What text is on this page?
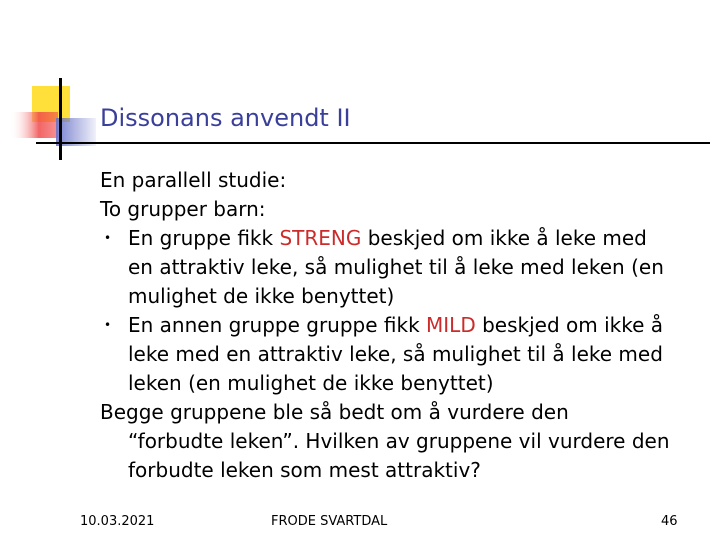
Dissonans anvendt II
En parallell studie:
To grupper barn:
• En gruppe fikk STRENG beskjed om ikke å leke med
en attraktiv leke, så mulighet til å leke med leken (en
mulighet de ikke benyttet)
• En annen gruppe gruppe fikk MILD beskjed om ikke å
leke med en attraktiv leke, så mulighet til å leke med
leken (en mulighet de ikke benyttet)
Begge gruppene ble så bedt om å vurdere den
“forbudte leken”. Hvilken av gruppene vil vurdere den
forbudte leken som mest attraktiv?
10.03.2021	FRODE SVARTDAL	46
